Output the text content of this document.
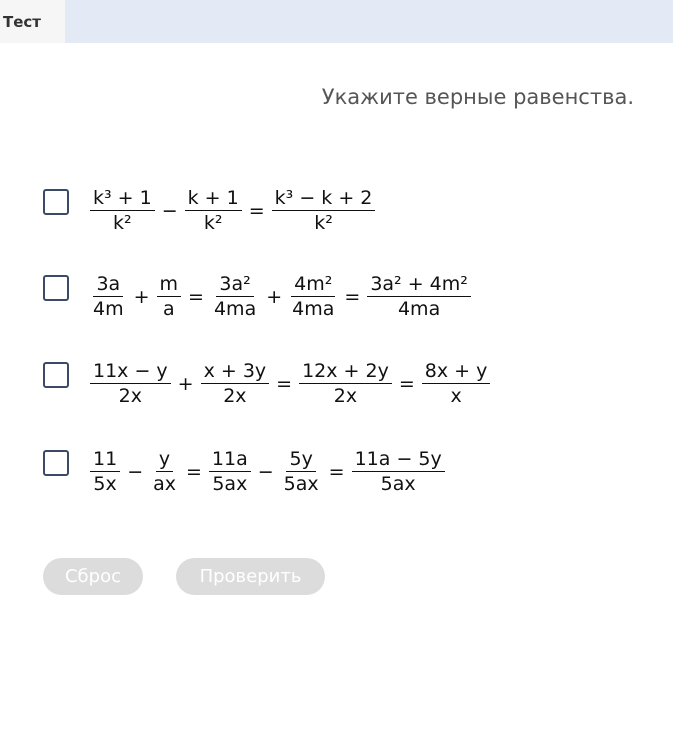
Тест
Укажите верные равенства.
$\frac{\text{k³ + 1}}{\text{k²}} - \frac{k + 1}{\text{k²}} = \frac{\text{k³ − k + 2}}{\text{k²}}$
$\frac{3a}{4m} + \frac{m}{a} = \frac{\text{3a²}}{4ma} + \frac{\text{4m²}}{4ma} = \frac{\text{3a² + 4m²}}{4ma}$
$\frac{11x - y}{2x} + \frac{x + 3y}{2x} = \frac{12x + 2y}{2x} = \frac{8x + y}{x}$
$\frac{11}{5x} - \frac{y}{ax} = \frac{11a}{5ax} - \frac{5y}{5ax} = \frac{11a - 5y}{5ax}$
Сброс	Проверить
